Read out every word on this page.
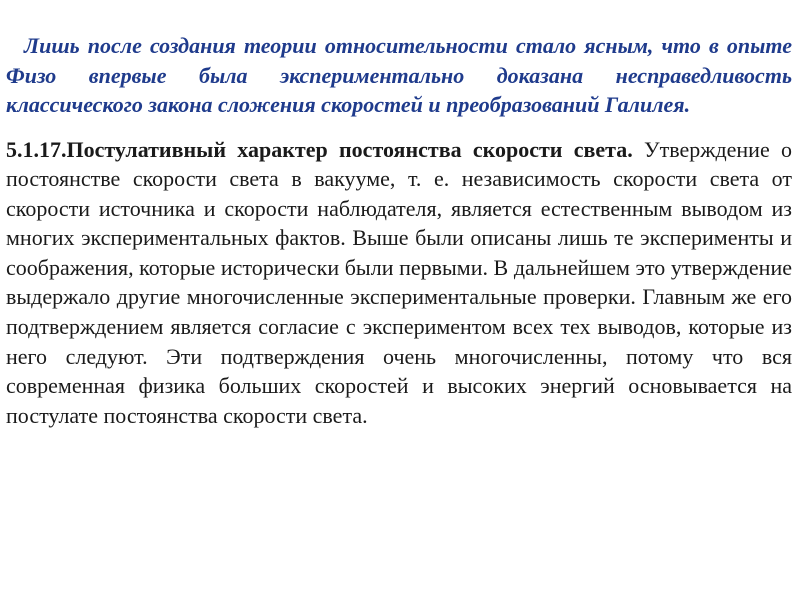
Лишь после создания теории относительности стало ясным, что в опыте Физо впервые была экспериментально доказана несправедливость классического закона сложения скоростей и преобразований Галилея.

5.1.17.Постулативный характер постоянства скорости света. Утверждение о постоянстве скорости света в вакууме, т. е. независимость скорости света от скорости источника и скорости наблюдателя, является естественным выводом из многих экспериментальных фактов. Выше были описаны лишь те эксперименты и соображения, которые исторически были первыми. В дальнейшем это утверждение выдержало другие многочисленные экспериментальные проверки. Главным же его подтверждением является согласие с экспериментом всех тех выводов, которые из него следуют. Эти подтверждения очень многочисленны, потому что вся современная физика больших скоростей и высоких энергий основывается на постулате постоянства скорости света.
